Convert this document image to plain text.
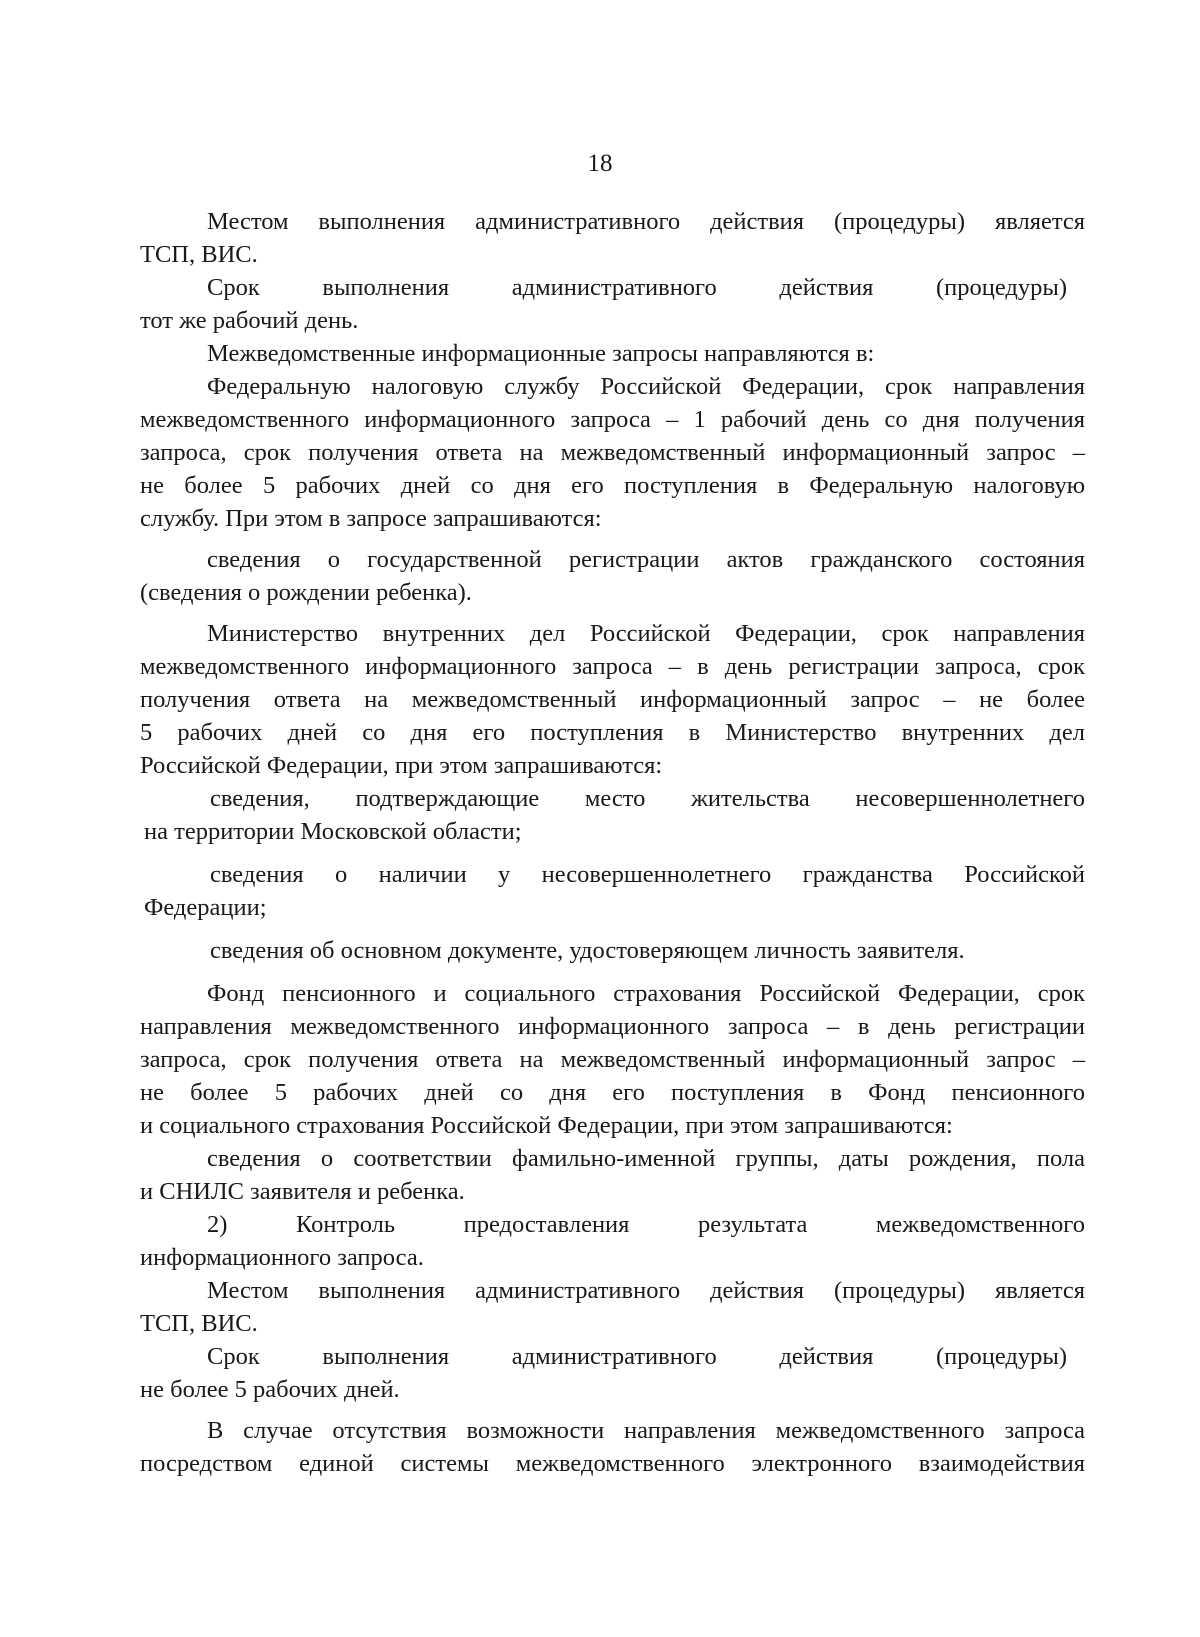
18
Местом выполнения административного действия (процедуры) является
ТСП, ВИС.
Срок выполнения административного действия (процедуры)
тот же рабочий день.
Межведомственные информационные запросы направляются в:
Федеральную налоговую службу Российской Федерации, срок направления
межведомственного информационного запроса – 1 рабочий день со дня получения
запроса, срок получения ответа на межведомственный информационный запрос –
не более 5 рабочих дней со дня его поступления в Федеральную налоговую
службу. При этом в запросе запрашиваются:
сведения о государственной регистрации актов гражданского состояния
(сведения о рождении ребенка).
Министерство внутренних дел Российской Федерации, срок направления
межведомственного информационного запроса – в день регистрации запроса, срок
получения ответа на межведомственный информационный запрос – не более
5 рабочих дней со дня его поступления в Министерство внутренних дел
Российской Федерации, при этом запрашиваются:
сведения, подтверждающие место жительства несовершеннолетнего
на территории Московской области;
сведения о наличии у несовершеннолетнего гражданства Российской
Федерации;
сведения об основном документе, удостоверяющем личность заявителя.
Фонд пенсионного и социального страхования Российской Федерации, срок
направления межведомственного информационного запроса – в день регистрации
запроса, срок получения ответа на межведомственный информационный запрос –
не более 5 рабочих дней со дня его поступления в Фонд пенсионного
и социального страхования Российской Федерации, при этом запрашиваются:
сведения о соответствии фамильно-именной группы, даты рождения, пола
и СНИЛС заявителя и ребенка.
2) Контроль предоставления результата межведомственного
информационного запроса.
Местом выполнения административного действия (процедуры) является
ТСП, ВИС.
Срок выполнения административного действия (процедуры)
не более 5 рабочих дней.
В случае отсутствия возможности направления межведомственного запроса
посредством единой системы межведомственного электронного взаимодействия
